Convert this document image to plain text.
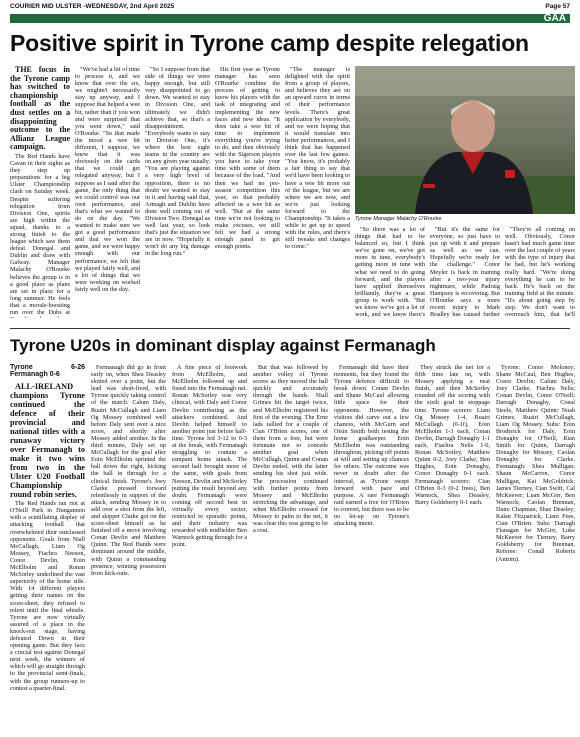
COURIER MID ULSTER -WEDNESDAY, 2nd April 2025	Page 57
GAA
Positive spirit in Tyrone camp despite relegation

THE focus in the Tyrone camp has switched to championship football as the dust settles on a disappointing outcome to the Allianz League campaign.

The Red Hands have Cavan in their sights as they step up preparations for a big Ulster Championship clash on Sunday week. Despite suffering relegation from Division One, spirits are high within the squad, thanks to a strong finish to the league which saw them defeat Donegal and Dublin and draw with Galway. Manager Malachy O'Rourke believes the group is in a good place as plans are set in place for a long summer. He feels that a morale-boosting run over the Dubs at

"We've had a bit of time to process it, and we know that over the six, we mightn't necessarily stay up anyway, and I suppose that helped a wee bit, rather than if you won and were surprised that you went down," said O'Rourke. "So that made the mood a wee bit different, I suppose, we knew that it was obviously on the cards that we could get relegated anyway, but I suppose as I said after the game, the only thing that we could control was our own performance, and that's what we wanted to do on the day. "We wanted to make sure we got a good performance and that we won the game, and we were happy enough with our performance, we felt that we played fairly well, and a lot of things that we were working on worked fairly well on the day.

"So I suppose from that side of things we were happy enough, but still very disappointed to go down. We wanted to stay in Division One, and ultimately we didn't achieve that, so that's a disappointment. "Everybody wants to stay in Division One, it's where the best eight teams in the country are on any given year usually. "You are playing against a very high level of opposition, there is no doubt we wanted to stay in it and having said that, Armagh and Dublin have done well coming out of Division Two. Donegal as well last year, so look that's just the situation we are in now. "Hopefully it won't do any big damage in the long run."

His first year as Tyrone manager has seen O'Rourke combine the process of getting to know his players with the task of integrating and implementing the new faces and new ideas. "It does take a wee bit of time to implement everything you're trying to do, and then obviously with the Sigerson players you have to take your time with some of them because of the load. "And then we had no pre-season competition this year, so that probably affected us a wee bit as well. "But at the same time we're not looking to make excuses, we still felt we had a strong enough panel to get enough points.

"The manager is delighted with the spirit from a group of players, and believes they are on an upward curve in terms of their performance levels. There's great application by everybody, and we were hoping that it would translate into better performances, and I think that has happened over the last few games. "You know, it's probably a fair thing to say that we'd have been looking to have a wee bit more out of the league, but we are where we are now, and we're just looking forward to the Championship. "It takes a while to get up to speed with the rules, and there's still tweaks and changes to come."

Tyrone Manager Malachy O'Rourke

"So there was a lot of things that had to be balanced so, but I think we've gone on, we've got more in tune, everybody's getting more in tune with what we need to do going forward, and the players have applied themselves brilliantly, they're a great group to work with. "But we know we've got a lot of work, and we know there's

"But it's the same for everyone, so just have to put up with it and prepare as well as we can. Hopefully we're ready for the challenge." Conor Meyler is back in training after a two-year injury nightmare, while Padraig Hampsey is recovering. But O'Rourke says a more recent injury to Mark Bradley has caused further

"They're all coming on well. Obviously, Conor hasn't had much game time over the last couple of years with the type of injury that he had, but he's working really hard. "We're doing everything he can to be back. He's back on the training field at the minute. "It's about going step by step. We don't want to overreach him, that he'll

Tyrone U20s in dominant display against Fermanagh
Tyrone 6-26 Fermanagh 0-6

ALL-IRELAND champions Tyrone continued the defence of their provincial and national titles with a runaway victory over Fermanagh to make it two wins from two in the Ulster U20 Football Championship round robin series.

The Red Hands ran riot at O'Neill Park in Dungannon with a scintillating display of attacking football that overwhelmed their outclassed opponents. Goals from Niall McCullagh, Liam Og Mossey, Fiachra Neeson, Conor Devlin, Eoin McElholm and Ronan McSorley underlined the vast superiority of the home side. With 14 different players getting their names on the score-sheet, they refused to relent until the final whistle. Tyrone are now virtually assured of a place in the knock-out stage, having defeated Down in their opening game. But they face a crucial test against Donegal next week, the winners of which will go straight through to the provincial semi-finals, with the group runners-up to contest a quarter-final.

Fermanagh did go in front early on, when Shea Deasley slotted over a point, but the lead was short-lived, with Tyrone quickly taking control of the match. Calum Daly, Ruairi McCullagh and Liam Og Mossey combined well before Daly sent over a nice score, and shortly after Mossey added another. In the third minute, Daly set up McCullagh for the goal after Eoin McElholm sprinted the ball down the right, kicking the ball in through for a clinical finish. Tyrone's Joey Clarke pressed forward relentlessly in support of the attack, sending Mossey in to add over a shot from the left, and skipper Clarke got on the score-sheet himself as he finished off a move involving Conan Devlin and Matthew Quinn. The Red Hands were dominant around the middle, with Quinn a commanding presence, winning possession from kick-outs.

A fine piece of footwork from McElholm, and McElholm followed up and fisted into the Fermanagh net. Ronan McSorley was very clinical, with Daly and Conor Devlin contributing as the attackers combined. And Devlin helped himself to another point just before half-time. Tyrone led 3-12 to 0-3 at the break, with Fermanagh struggling to contain a rampant home attack. The second half brought more of the same, with goals from Neeson, Devlin and McSorley putting the result beyond any doubt. Fermanagh were coming off second best in virtually every sector, restricted to sporadic points, and their industry was rewarded with midfielder Ben Warnock getting through for a point.

But that was followed by another volley of Tyrone scores as they moved the ball quickly and accurately through the hands. Niall Grimes hit the target twice, and McElholm registered his first of the evening. The Erne lads rallied for a couple of Cian O'Brien scores, one of them from a free, but were fortunate not to concede another goal when McCullagh, Quinn and Conan Devlin ended, with the latter sending his shot just wide. The procession continued with further points from Mossey and McElholm stretching the advantage, and when McElholm crossed for Mossey to palm to the net, it was clear this was going to be a rout.

Fermanagh did have their moments, but they found the Tyrone defence difficult to break down. Conan Devlin and Shane McCaul allowing little space for their opponents. However, the visitors did carve out a few chances, with McGurn and Oisin Smith both testing the home goalkeeper. Eoin McElholm was outstanding throughout, picking off points at will and setting up chances for others. The outcome was never in doubt after the interval, as Tyrone swept forward with pace and purpose. A rare Fermanagh raid earned a free for O'Brien to convert, but there was to be no let-up on Tyrone's attacking intent.

They struck the net for a fifth time late on, with Mossey applying a neat finish, and then McSorley rounded off the scoring with the sixth goal in stoppage time. Tyrone scorers: Liam Og Mossey 1-4, Ruairi McCullagh (0-1f), Eoin McElholm 1-3 each, Conan Devlin, Darragh Donaghy 1-1 each, Fiachra Nelis 1-0, Ronan McSorley, Matthew Quinn 0-2, Joey Clarke, Ben Hughes, Eoin Donaghy, Conor Donaghy 0-1 each. Fermanagh scorers: Cian O'Brien 0-3 (0-2 frees), Ben Warnock, Shea Deasley, Barry Goldsberry 0-1 each.

Tyrone: Conor Moloney; Shane McCaul, Ben Hughes, Conor Devlin; Calum Daly, Joey Clarke, Fiachra Nelis; Conan Devlin, Conor O'Neill; Darragh Donaghy, Conal Steele, Matthew Quinn; Noah Grimes, Ruairi McCullagh, Liam Og Mossey. Subs: Eoin Broderick for Daly, Eoin Donaghy for O'Neill, Rian Smith for Quinn, Darragh Donaghy for Mossey, Caolan Donaghy for Clarke. Fermanagh: Shea Mulligan; Shaun McCarron, Conor Mulligan, Kai McGoldrick; James Tierney, Cian Swift, Cal McKeever; Liam McGirr, Ben Warnock; Caolan Brennan, Daire Chapman, Shae Deasley; Kalan Fitzpatrick, Liam Fees, Cian O'Brien. Subs: Darragh Flanagan for McGirr, Luke McKeever for Tierney, Barry Goldsberry for Brennan. Referee: Conall Roberts (Antrim).
